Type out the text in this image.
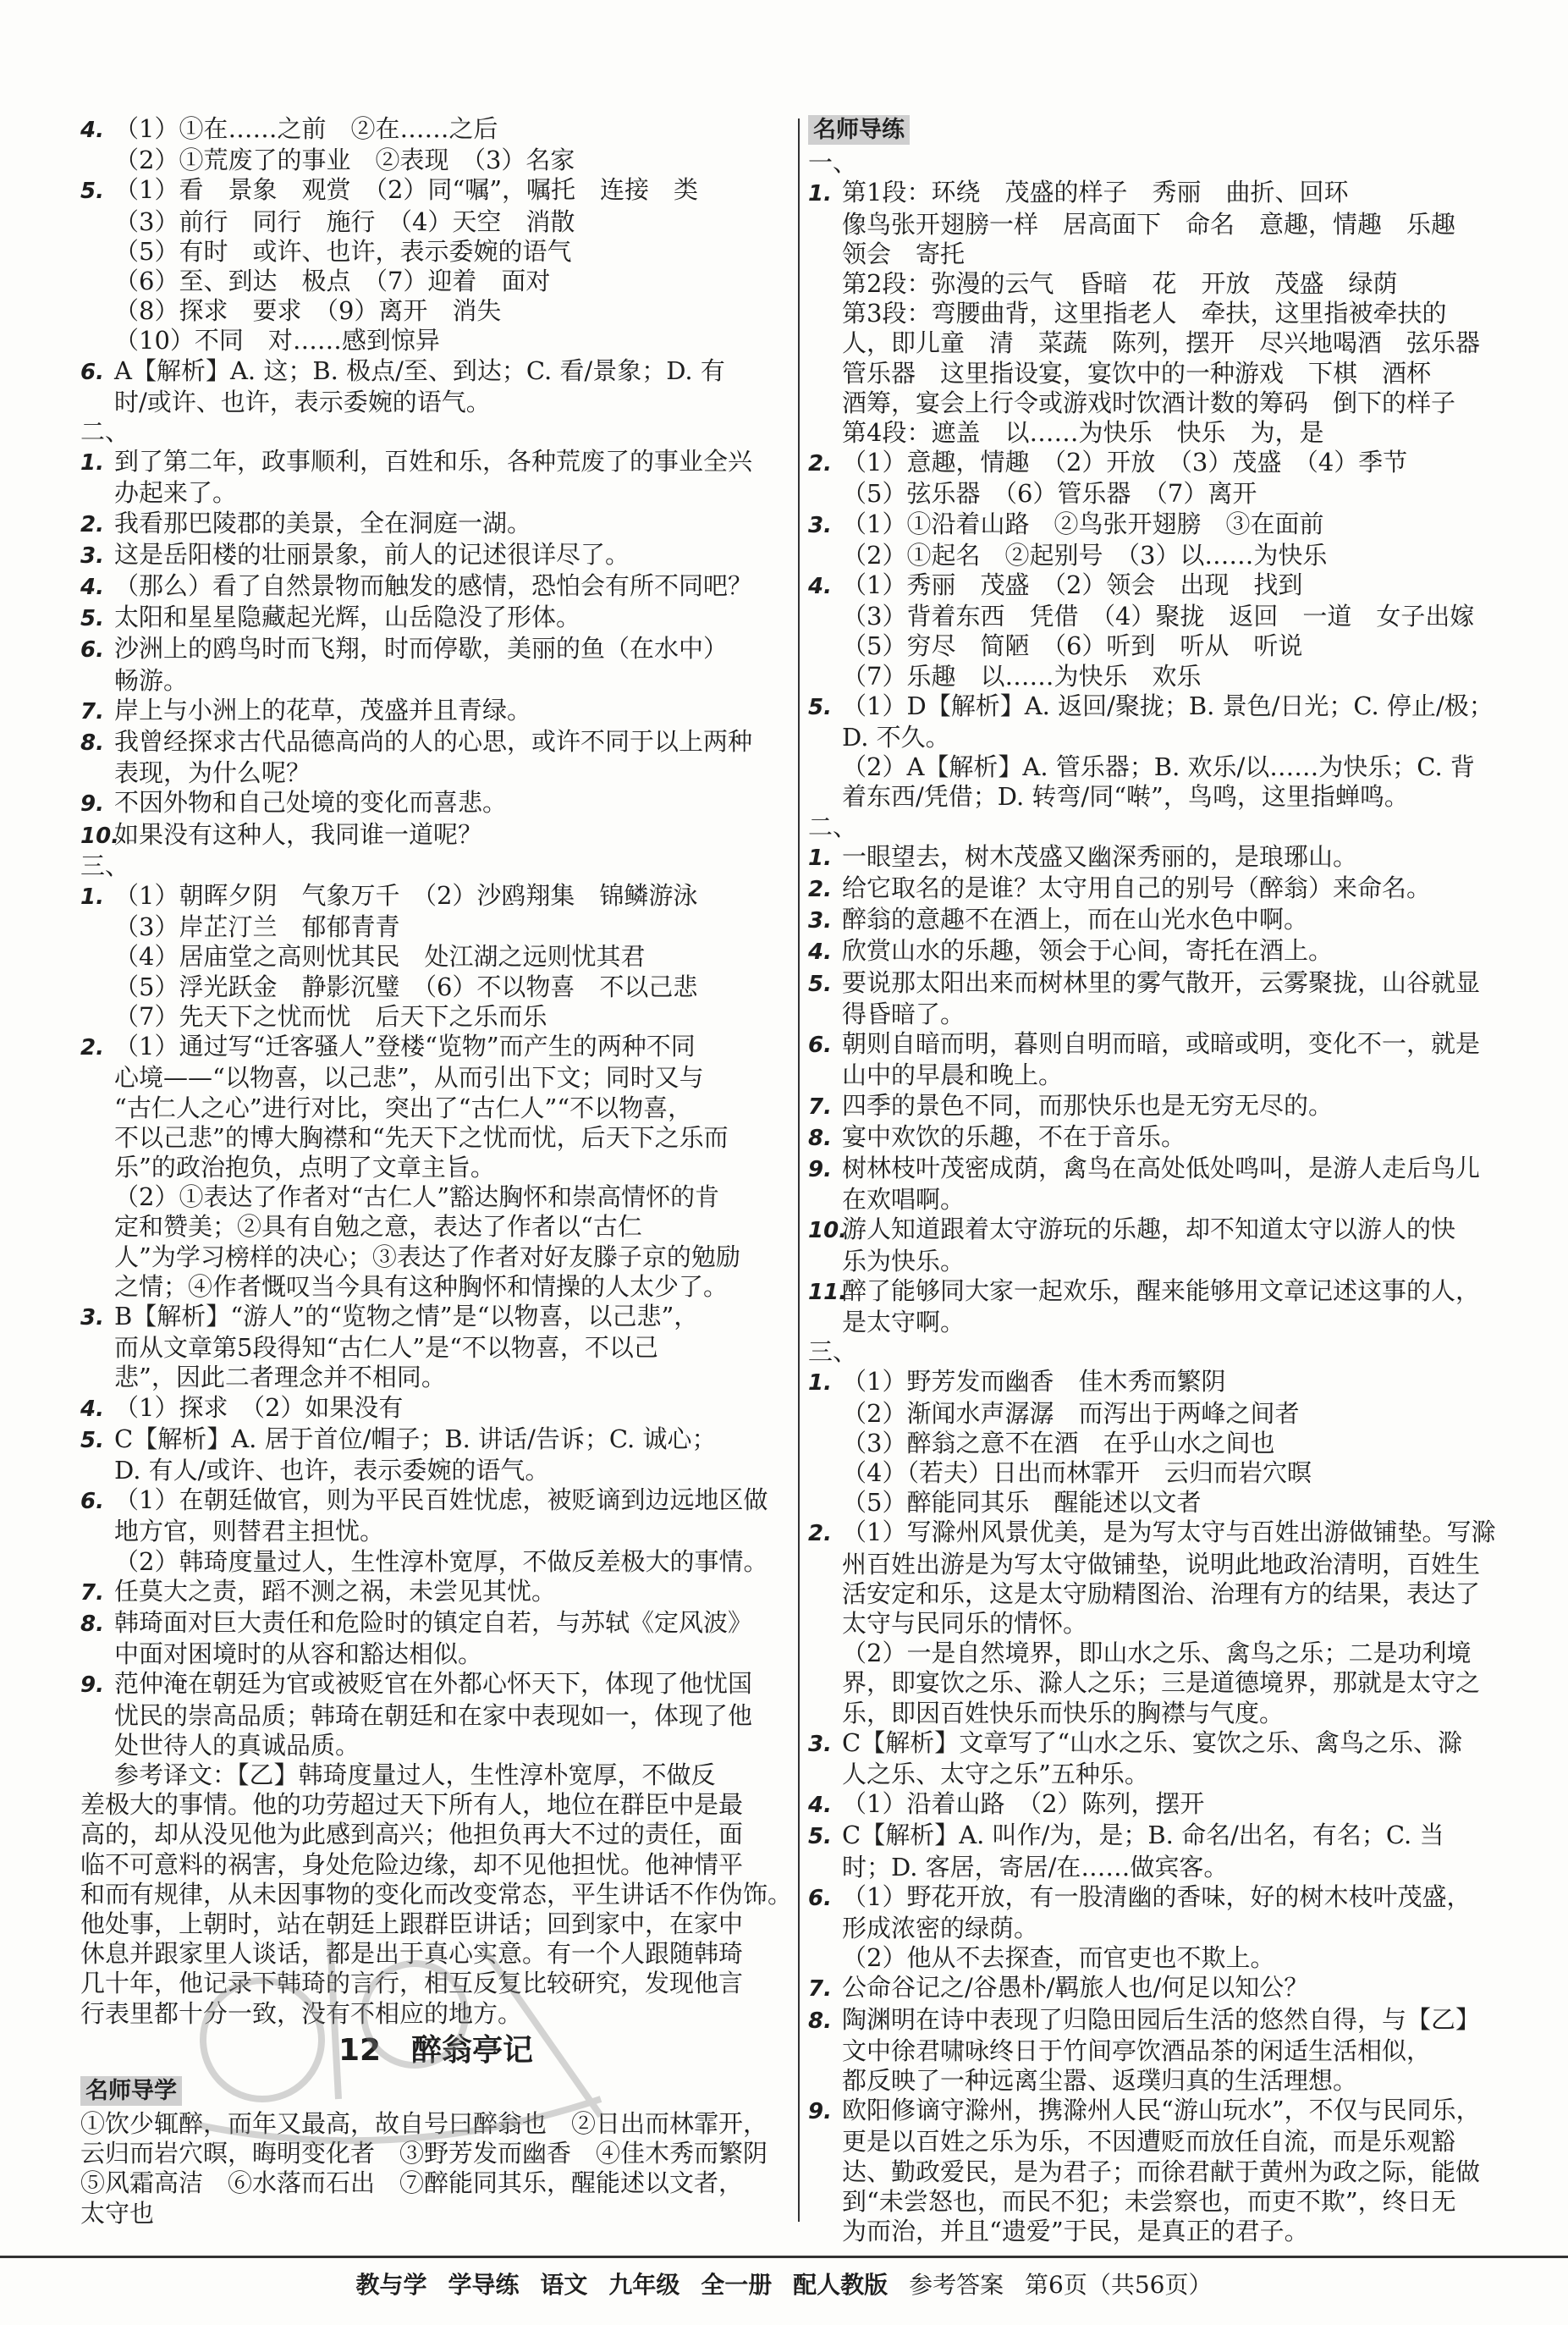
4. （1）①在……之前　②在……之后
（2）①荒废了的事业　②表现　（3）名家
5. （1）看　景象　观赏　（2）同“嘱”，嘱托　连接　类
（3）前行　同行　施行　（4）天空　消散
（5）有时　或许、也许，表示委婉的语气
（6）至、到达　极点　（7）迎着　面对
（8）探求　要求　（9）离开　消失
（10）不同　对……感到惊异
6. A【解析】A. 这；B. 极点/至、到达；C. 看/景象；D. 有
时/或许、也许，表示委婉的语气。
二、
1. 到了第二年，政事顺利，百姓和乐，各种荒废了的事业全兴
办起来了。
2. 我看那巴陵郡的美景，全在洞庭一湖。
3. 这是岳阳楼的壮丽景象，前人的记述很详尽了。
4. （那么）看了自然景物而触发的感情，恐怕会有所不同吧？
5. 太阳和星星隐藏起光辉，山岳隐没了形体。
6. 沙洲上的鸥鸟时而飞翔，时而停歇，美丽的鱼（在水中）
畅游。
7. 岸上与小洲上的花草，茂盛并且青绿。
8. 我曾经探求古代品德高尚的人的心思，或许不同于以上两种
表现，为什么呢？
9. 不因外物和自己处境的变化而喜悲。
10.如果没有这种人，我同谁一道呢？
三、
1. （1）朝晖夕阴　气象万千　（2）沙鸥翔集　锦鳞游泳
（3）岸芷汀兰　郁郁青青
（4）居庙堂之高则忧其民　处江湖之远则忧其君
（5）浮光跃金　静影沉璧　（6）不以物喜　不以己悲
（7）先天下之忧而忧　后天下之乐而乐
2. （1）通过写“迁客骚人”登楼“览物”而产生的两种不同
心境——“以物喜，以己悲”，从而引出下文；同时又与
“古仁人之心”进行对比，突出了“古仁人”“不以物喜，
不以己悲”的博大胸襟和“先天下之忧而忧，后天下之乐而
乐”的政治抱负，点明了文章主旨。
（2）①表达了作者对“古仁人”豁达胸怀和崇高情怀的肯
定和赞美；②具有自勉之意，表达了作者以“古仁
人”为学习榜样的决心；③表达了作者对好友滕子京的勉励
之情；④作者慨叹当今具有这种胸怀和情操的人太少了。
3. B【解析】“游人”的“览物之情”是“以物喜，以己悲”，
而从文章第5段得知“古仁人”是“不以物喜，不以己
悲”，因此二者理念并不相同。
4. （1）探求　（2）如果没有
5. C【解析】A. 居于首位/帽子；B. 讲话/告诉；C. 诚心；
D. 有人/或许、也许，表示委婉的语气。
6. （1）在朝廷做官，则为平民百姓忧虑，被贬谪到边远地区做
地方官，则替君主担忧。
（2）韩琦度量过人，生性淳朴宽厚，不做反差极大的事情。
7. 任莫大之责，蹈不测之祸，未尝见其忧。
8. 韩琦面对巨大责任和危险时的镇定自若，与苏轼《定风波》
中面对困境时的从容和豁达相似。
9. 范仲淹在朝廷为官或被贬官在外都心怀天下，体现了他忧国
忧民的崇高品质；韩琦在朝廷和在家中表现如一，体现了他
处世待人的真诚品质。
参考译文：【乙】韩琦度量过人，生性淳朴宽厚，不做反
差极大的事情。他的功劳超过天下所有人，地位在群臣中是最
高的，却从没见他为此感到高兴；他担负再大不过的责任，面
临不可意料的祸害，身处危险边缘，却不见他担忧。他神情平
和而有规律，从未因事物的变化而改变常态，平生讲话不作伪饰。
他处事，上朝时，站在朝廷上跟群臣讲话；回到家中，在家中
休息并跟家里人谈话，都是出于真心实意。有一个人跟随韩琦
几十年，他记录下韩琦的言行，相互反复比较研究，发现他言
行表里都十分一致，没有不相应的地方。
12　醉翁亭记
名师导学
①饮少辄醉，而年又最高，故自号曰醉翁也　②日出而林霏开，
云归而岩穴暝，晦明变化者　③野芳发而幽香　④佳木秀而繁阴
⑤风霜高洁　⑥水落而石出　⑦醉能同其乐，醒能述以文者，
太守也
名师导练
一、
1. 第1段：环绕　茂盛的样子　秀丽　曲折、回环
像鸟张开翅膀一样　居高面下　命名　意趣，情趣　乐趣
领会　寄托
第2段：弥漫的云气　昏暗　花　开放　茂盛　绿荫
第3段：弯腰曲背，这里指老人　牵扶，这里指被牵扶的
人，即儿童　清　菜蔬　陈列，摆开　尽兴地喝酒　弦乐器
管乐器　这里指设宴，宴饮中的一种游戏　下棋　酒杯
酒筹，宴会上行令或游戏时饮酒计数的筹码　倒下的样子
第4段：遮盖　以……为快乐　快乐　为，是
2. （1）意趣，情趣　（2）开放　（3）茂盛　（4）季节
（5）弦乐器　（6）管乐器　（7）离开
3. （1）①沿着山路　②鸟张开翅膀　③在面前
（2）①起名　②起别号　（3）以……为快乐
4. （1）秀丽　茂盛　（2）领会　出现　找到
（3）背着东西　凭借　（4）聚拢　返回　一道　女子出嫁
（5）穷尽　简陋　（6）听到　听从　听说
（7）乐趣　以……为快乐　欢乐
5. （1）D【解析】A. 返回/聚拢；B. 景色/日光；C. 停止/极；
D. 不久。
（2）A【解析】A. 管乐器；B. 欢乐/以……为快乐；C. 背
着东西/凭借；D. 转弯/同“啭”，鸟鸣，这里指蝉鸣。
二、
1. 一眼望去，树木茂盛又幽深秀丽的，是琅琊山。
2. 给它取名的是谁？太守用自己的别号（醉翁）来命名。
3. 醉翁的意趣不在酒上，而在山光水色中啊。
4. 欣赏山水的乐趣，领会于心间，寄托在酒上。
5. 要说那太阳出来而树林里的雾气散开，云雾聚拢，山谷就显
得昏暗了。
6. 朝则自暗而明，暮则自明而暗，或暗或明，变化不一，就是
山中的早晨和晚上。
7. 四季的景色不同，而那快乐也是无穷无尽的。
8. 宴中欢饮的乐趣，不在于音乐。
9. 树林枝叶茂密成荫，禽鸟在高处低处鸣叫，是游人走后鸟儿
在欢唱啊。
10.游人知道跟着太守游玩的乐趣，却不知道太守以游人的快
乐为快乐。
11.醉了能够同大家一起欢乐，醒来能够用文章记述这事的人，
是太守啊。
三、
1. （1）野芳发而幽香　佳木秀而繁阴
（2）渐闻水声潺潺　而泻出于两峰之间者
（3）醉翁之意不在酒　在乎山水之间也
（4）（若夫）日出而林霏开　云归而岩穴暝
（5）醉能同其乐　醒能述以文者
2. （1）写滁州风景优美，是为写太守与百姓出游做铺垫。写滁
州百姓出游是为写太守做铺垫，说明此地政治清明，百姓生
活安定和乐，这是太守励精图治、治理有方的结果，表达了
太守与民同乐的情怀。
（2）一是自然境界，即山水之乐、禽鸟之乐；二是功利境
界，即宴饮之乐、滁人之乐；三是道德境界，那就是太守之
乐，即因百姓快乐而快乐的胸襟与气度。
3. C【解析】文章写了“山水之乐、宴饮之乐、禽鸟之乐、滁
人之乐、太守之乐”五种乐。
4. （1）沿着山路　（2）陈列，摆开
5. C【解析】A. 叫作/为，是；B. 命名/出名，有名；C. 当
时；D. 客居，寄居/在……做宾客。
6. （1）野花开放，有一股清幽的香味，好的树木枝叶茂盛，
形成浓密的绿荫。
（2）他从不去探查，而官吏也不欺上。
7. 公命谷记之/谷愚朴/羁旅人也/何足以知公？
8. 陶渊明在诗中表现了归隐田园后生活的悠然自得，与【乙】
文中徐君啸咏终日于竹间亭饮酒品茶的闲适生活相似，
都反映了一种远离尘嚣、返璞归真的生活理想。
9. 欧阳修谪守滁州，携滁州人民“游山玩水”，不仅与民同乐，
更是以百姓之乐为乐，不因遭贬而放任自流，而是乐观豁
达、勤政爱民，是为君子；而徐君献于黄州为政之际，能做
到“未尝怒也，而民不犯；未尝察也，而吏不欺”，终日无
为而治，并且“遗爱”于民，是真正的君子。
教与学 学导练 语文 九年级 全一册 配人教版 参考答案 第6页（共56页）
